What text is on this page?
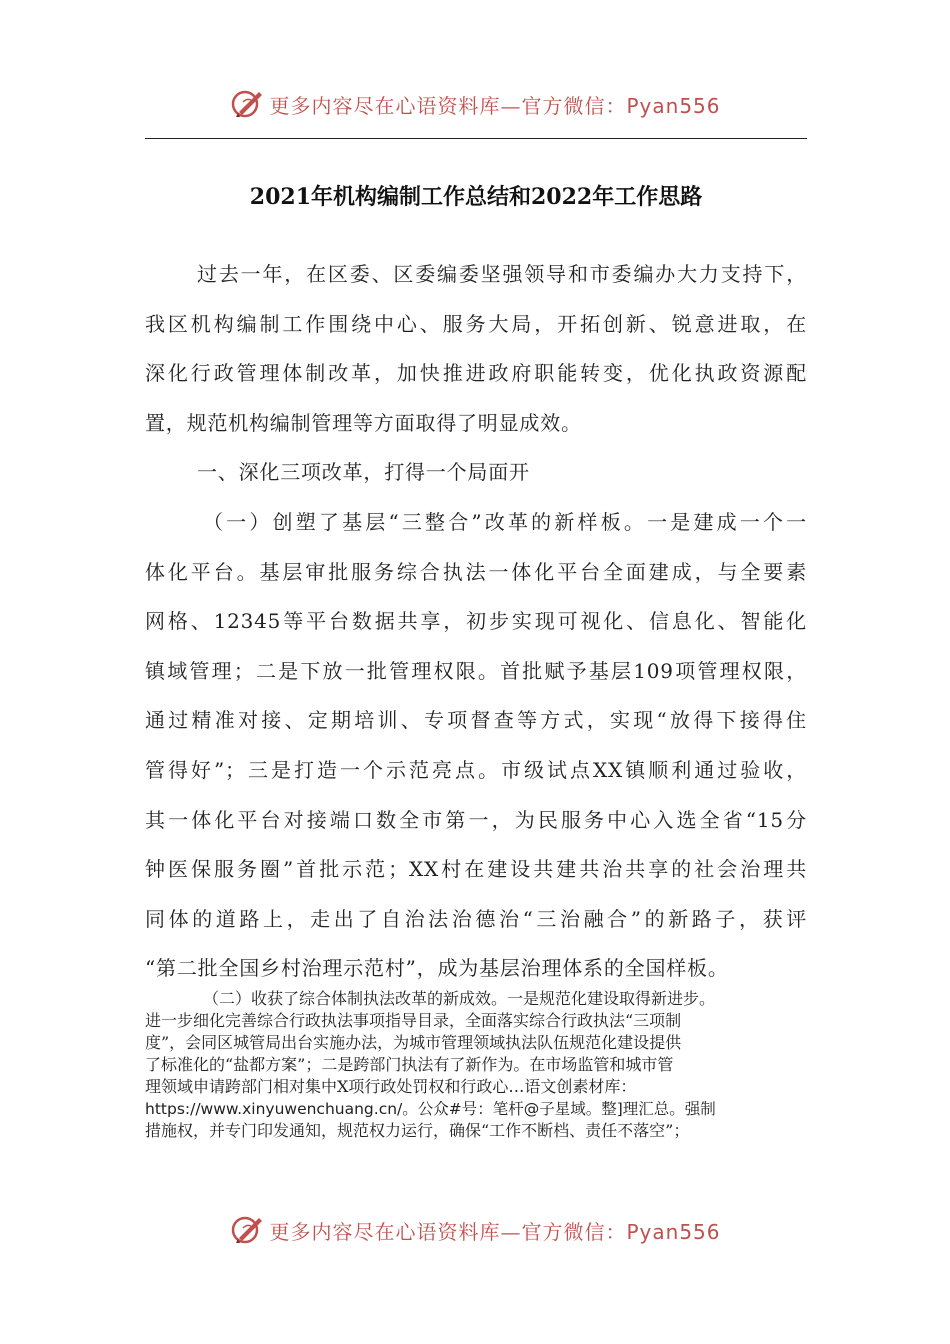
更多内容尽在心语资料库—官方微信：Pyan556
2021年机构编制工作总结和2022年工作思路
过去一年，在区委、区委编委坚强领导和市委编办大力支持下，
我区机构编制工作围绕中心、服务大局，开拓创新、锐意进取，在
深化行政管理体制改革，加快推进政府职能转变，优化执政资源配
置，规范机构编制管理等方面取得了明显成效。
一、深化三项改革，打得一个局面开
（一）创塑了基层“三整合”改革的新样板。一是建成一个一
体化平台。基层审批服务综合执法一体化平台全面建成，与全要素
网格、12345等平台数据共享，初步实现可视化、信息化、智能化
镇域管理；二是下放一批管理权限。首批赋予基层109项管理权限，
通过精准对接、定期培训、专项督查等方式，实现“放得下接得住
管得好”；三是打造一个示范亮点。市级试点XX镇顺利通过验收，
其一体化平台对接端口数全市第一，为民服务中心入选全省“15分
钟医保服务圈”首批示范；XX村在建设共建共治共享的社会治理共
同体的道路上，走出了自治法治德治“三治融合”的新路子，获评
“第二批全国乡村治理示范村”，成为基层治理体系的全国样板。
（二）收获了综合体制执法改革的新成效。一是规范化建设取得新进步。
进一步细化完善综合行政执法事项指导目录，全面落实综合行政执法“三项制
度”，会同区城管局出台实施办法，为城市管理领域执法队伍规范化建设提供
了标准化的“盐都方案”；二是跨部门执法有了新作为。在市场监管和城市管
理领域申请跨部门相对集中X项行政处罚权和行政心…语文创素材库：
https://www.xinyuwenchuang.cn/。公众#号：笔杆@子星域。整]理汇总。强制
措施权，并专门印发通知，规范权力运行，确保“工作不断档、责任不落空”；
更多内容尽在心语资料库—官方微信：Pyan556
